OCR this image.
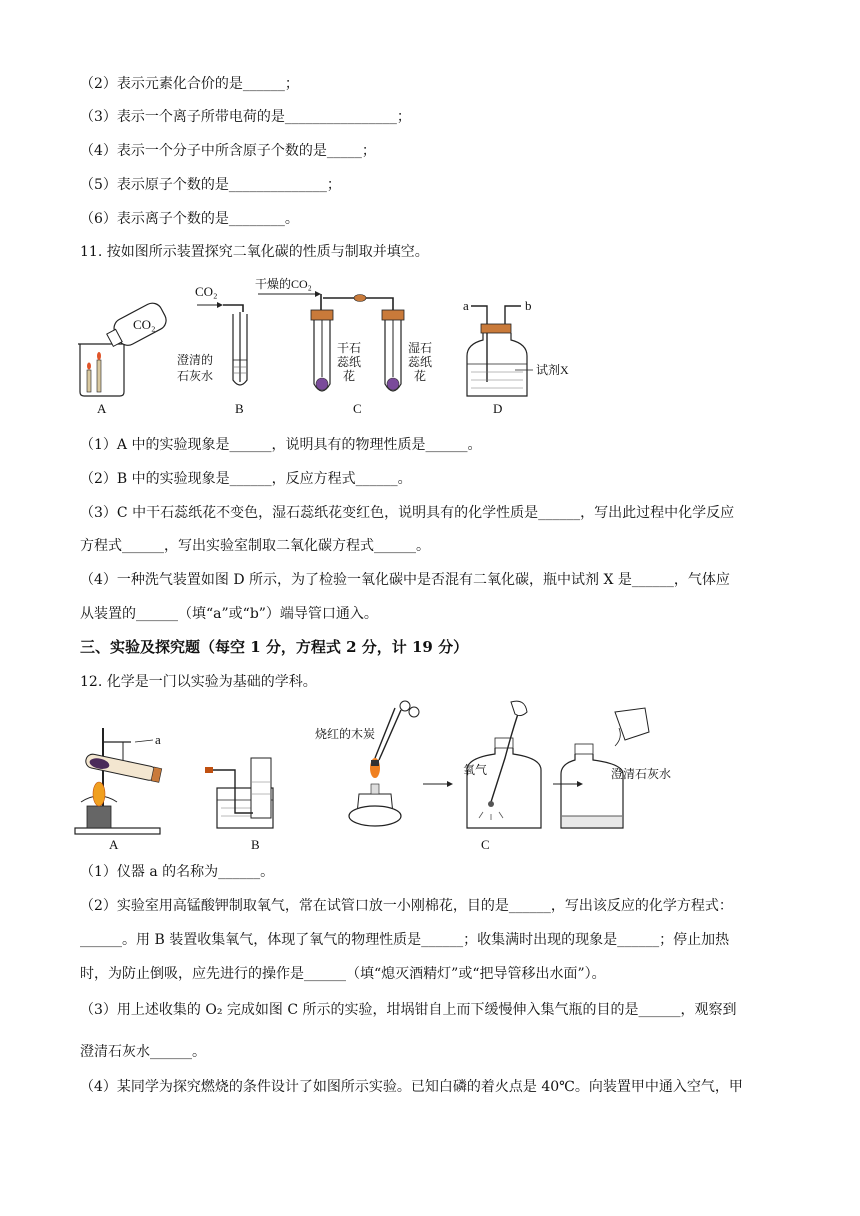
（2）表示元素化合价的是______；
（3）表示一个离子所带电荷的是________________；
（4）表示一个分子中所含原子个数的是_____；
（5）表示原子个数的是______________；
（6）表示离子个数的是________。
11. 按如图所示装置探究二氧化碳的性质与制取并填空。
CO₂
A
CO₂
澄清的
石灰水
B
干燥的CO₂
干石
蕊纸
花
湿石
蕊纸
花
C
a	b
试剂X
D
（1）A 中的实验现象是______，说明具有的物理性质是______。
（2）B 中的实验现象是______，反应方程式______。
（3）C 中干石蕊纸花不变色，湿石蕊纸花变红色，说明具有的化学性质是______，写出此过程中化学反应
方程式______，写出实验室制取二氧化碳方程式______。
（4）一种洗气装置如图 D 所示，为了检验一氧化碳中是否混有二氧化碳，瓶中试剂 X 是______，气体应
从装置的______（填“a”或“b”）端导管口通入。
三、实验及探究题（每空 1 分，方程式 2 分，计 19 分）
12. 化学是一门以实验为基础的学科。
a
A	B
烧红的木炭
氧气	澄清石灰水
C
（1）仪器 a 的名称为______。
（2）实验室用高锰酸钾制取氧气，常在试管口放一小刚棉花，目的是______，写出该反应的化学方程式：
______。用 B 装置收集氧气，体现了氧气的物理性质是______；收集满时出现的现象是______；停止加热
时，为防止倒吸，应先进行的操作是______（填“熄灭酒精灯”或“把导管移出水面”）。
（3）用上述收集的 O₂ 完成如图 C 所示的实验，坩埚钳自上而下缓慢伸入集气瓶的目的是______，观察到
澄清石灰水______。
（4）某同学为探究燃烧的条件设计了如图所示实验。已知白磷的着火点是 40℃。向装置甲中通入空气，甲
